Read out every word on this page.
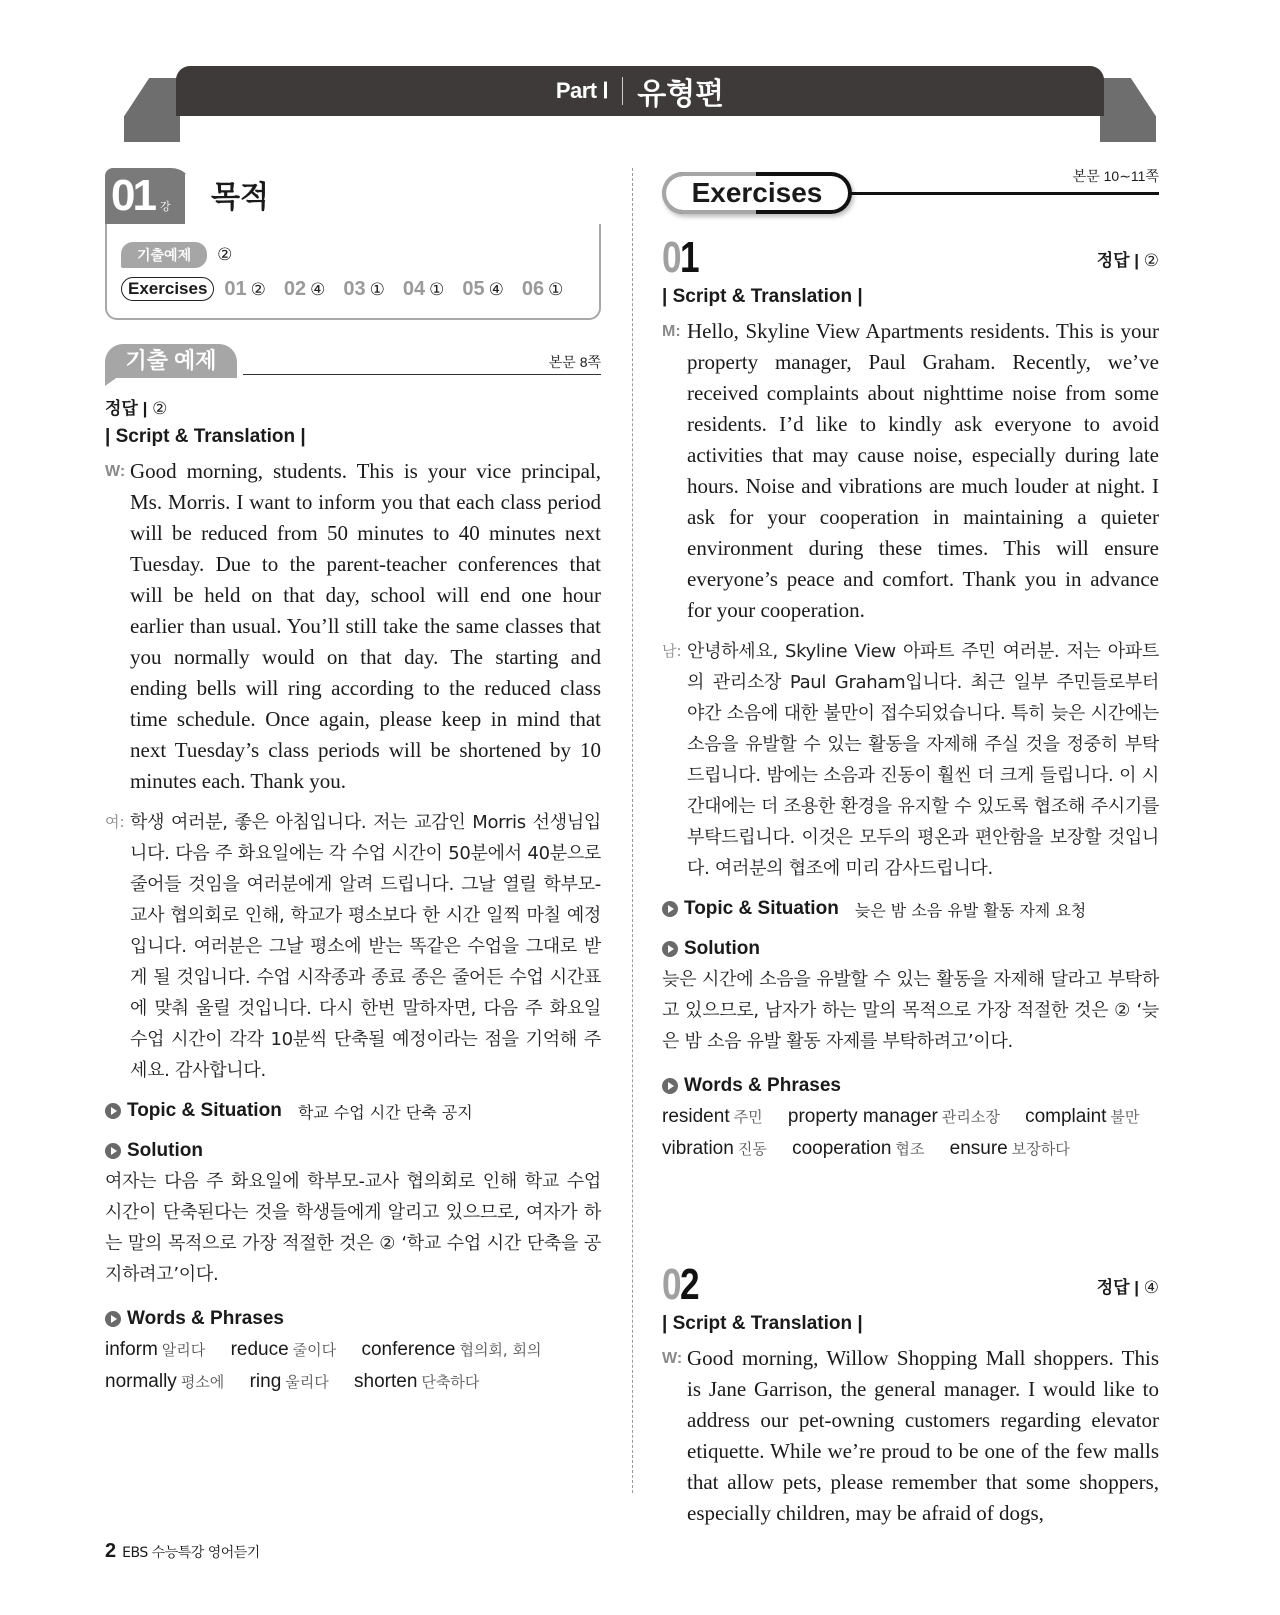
Part Ⅰ 유형편
01 강	목적
기출예제	②
Exercises 01 ②
02 ④
03 ①
04 ①
05 ④
06 ①
기출 예제	본문 8쪽
정답 | ②
| Script & Translation |
W: Good morning, students. This is your vice principal, Ms. Morris. I want to inform you that each class period will be reduced from 50 minutes to 40 minutes next Tuesday. Due to the parent-teacher conferences that will be held on that day, school will end one hour earlier than usual. You’ll still take the same classes that you normally would on that day. The starting and ending bells will ring according to the reduced class time schedule. Once again, please keep in mind that next Tuesday’s class periods will be shortened by 10 minutes each. Thank you.
여: 학생 여러분, 좋은 아침입니다. 저는 교감인 Morris 선생님입니다. 다음 주 화요일에는 각 수업 시간이 50분에서 40분으로 줄어들 것임을 여러분에게 알려 드립니다. 그날 열릴 학부모-교사 협의회로 인해, 학교가 평소보다 한 시간 일찍 마칠 예정입니다. 여러분은 그날 평소에 받는 똑같은 수업을 그대로 받게 될 것입니다. 수업 시작종과 종료 종은 줄어든 수업 시간표에 맞춰 울릴 것입니다. 다시 한번 말하자면, 다음 주 화요일 수업 시간이 각각 10분씩 단축될 예정이라는 점을 기억해 주세요. 감사합니다.
Topic & Situation 학교 수업 시간 단축 공지
Solution
여자는 다음 주 화요일에 학부모-교사 협의회로 인해 학교 수업 시간이 단축된다는 것을 학생들에게 알리고 있으므로, 여자가 하는 말의 목적으로 가장 적절한 것은 ② ‘학교 수업 시간 단축을 공지하려고’이다.
Words & Phrases
inform 알리다 reduce 줄이다 conference 협의회, 회의 normally 평소에 ring 울리다 shorten 단축하다
Exercises
본문 10∼11쪽
01	정답 | ②
| Script & Translation |
M: Hello, Skyline View Apartments residents. This is your property manager, Paul Graham. Recently, we’ve received complaints about nighttime noise from some residents. I’d like to kindly ask everyone to avoid activities that may cause noise, especially during late hours. Noise and vibrations are much louder at night. I ask for your cooperation in maintaining a quieter environment during these times. This will ensure everyone’s peace and comfort. Thank you in advance for your cooperation.
남: 안녕하세요, Skyline View 아파트 주민 여러분. 저는 아파트의 관리소장 Paul Graham입니다. 최근 일부 주민들로부터 야간 소음에 대한 불만이 접수되었습니다. 특히 늦은 시간에는 소음을 유발할 수 있는 활동을 자제해 주실 것을 정중히 부탁드립니다. 밤에는 소음과 진동이 훨씬 더 크게 들립니다. 이 시간대에는 더 조용한 환경을 유지할 수 있도록 협조해 주시기를 부탁드립니다. 이것은 모두의 평온과 편안함을 보장할 것입니다. 여러분의 협조에 미리 감사드립니다.
Topic & Situation 늦은 밤 소음 유발 활동 자제 요청
Solution
늦은 시간에 소음을 유발할 수 있는 활동을 자제해 달라고 부탁하고 있으므로, 남자가 하는 말의 목적으로 가장 적절한 것은 ② ‘늦은 밤 소음 유발 활동 자제를 부탁하려고’이다.
Words & Phrases
resident 주민 property manager 관리소장 complaint 불만 vibration 진동 cooperation 협조 ensure 보장하다
02	정답 | ④
| Script & Translation |
W: Good morning, Willow Shopping Mall shoppers. This is Jane Garrison, the general manager. I would like to address our pet-owning customers regarding elevator etiquette. While we’re proud to be one of the few malls that allow pets, please remember that some shoppers, especially children, may be afraid of dogs,
2 EBS 수능특강 영어듣기
